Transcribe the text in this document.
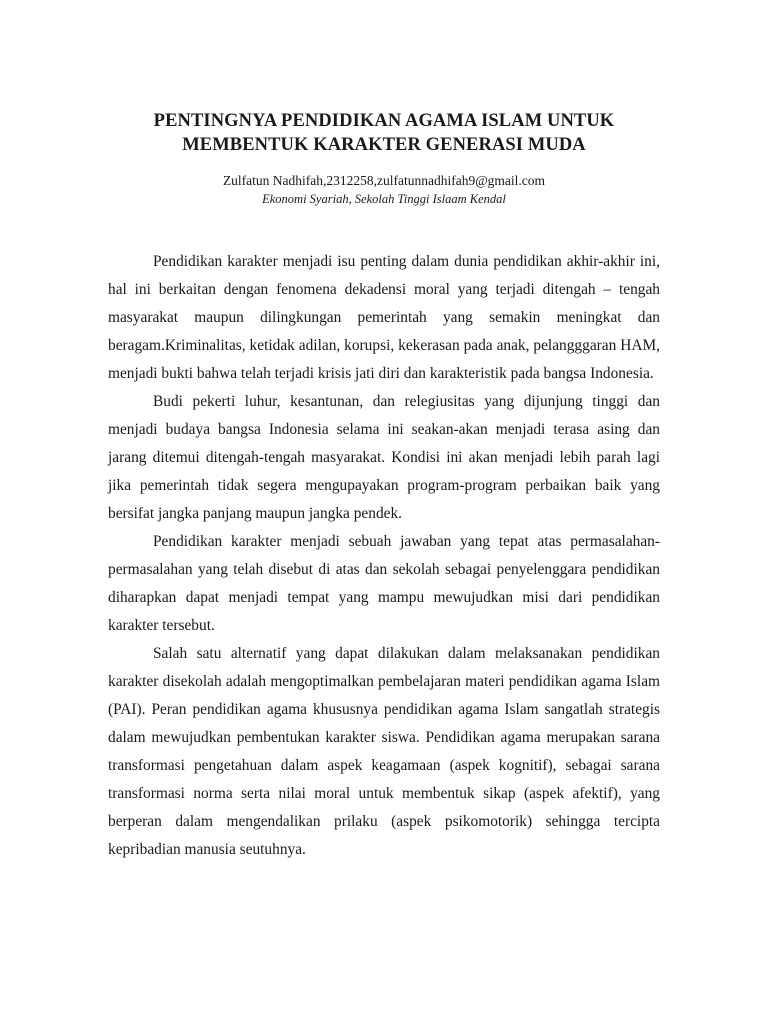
PENTINGNYA PENDIDIKAN AGAMA ISLAM UNTUK
MEMBENTUK KARAKTER GENERASI MUDA
Zulfatun Nadhifah,2312258,zulfatunnadhifah9@gmail.com
Ekonomi Syariah, Sekolah Tinggi Islaam Kendal

Pendidikan karakter menjadi isu penting dalam dunia pendidikan akhir-akhir ini, hal ini berkaitan dengan fenomena dekadensi moral yang terjadi ditengah – tengah masyarakat maupun dilingkungan pemerintah yang semakin meningkat dan beragam.Kriminalitas, ketidak adilan, korupsi, kekerasan pada anak, pelangggaran HAM, menjadi bukti bahwa telah terjadi krisis jati diri dan karakteristik pada bangsa Indonesia.

Budi pekerti luhur, kesantunan, dan relegiusitas yang dijunjung tinggi dan menjadi budaya bangsa Indonesia selama ini seakan-akan menjadi terasa asing dan jarang ditemui ditengah-tengah masyarakat. Kondisi ini akan menjadi lebih parah lagi jika pemerintah tidak segera mengupayakan program-program perbaikan baik yang bersifat jangka panjang maupun jangka pendek.

Pendidikan karakter menjadi sebuah jawaban yang tepat atas permasalahan-permasalahan yang telah disebut di atas dan sekolah sebagai penyelenggara pendidikan diharapkan dapat menjadi tempat yang mampu mewujudkan misi dari pendidikan karakter tersebut.

Salah satu alternatif yang dapat dilakukan dalam melaksanakan pendidikan karakter disekolah adalah mengoptimalkan pembelajaran materi pendidikan agama Islam (PAI). Peran pendidikan agama khususnya pendidikan agama Islam sangatlah strategis dalam mewujudkan pembentukan karakter siswa. Pendidikan agama merupakan sarana transformasi pengetahuan dalam aspek keagamaan (aspek kognitif), sebagai sarana transformasi norma serta nilai moral untuk membentuk sikap (aspek afektif), yang berperan dalam mengendalikan prilaku (aspek psikomotorik) sehingga tercipta kepribadian manusia seutuhnya.
